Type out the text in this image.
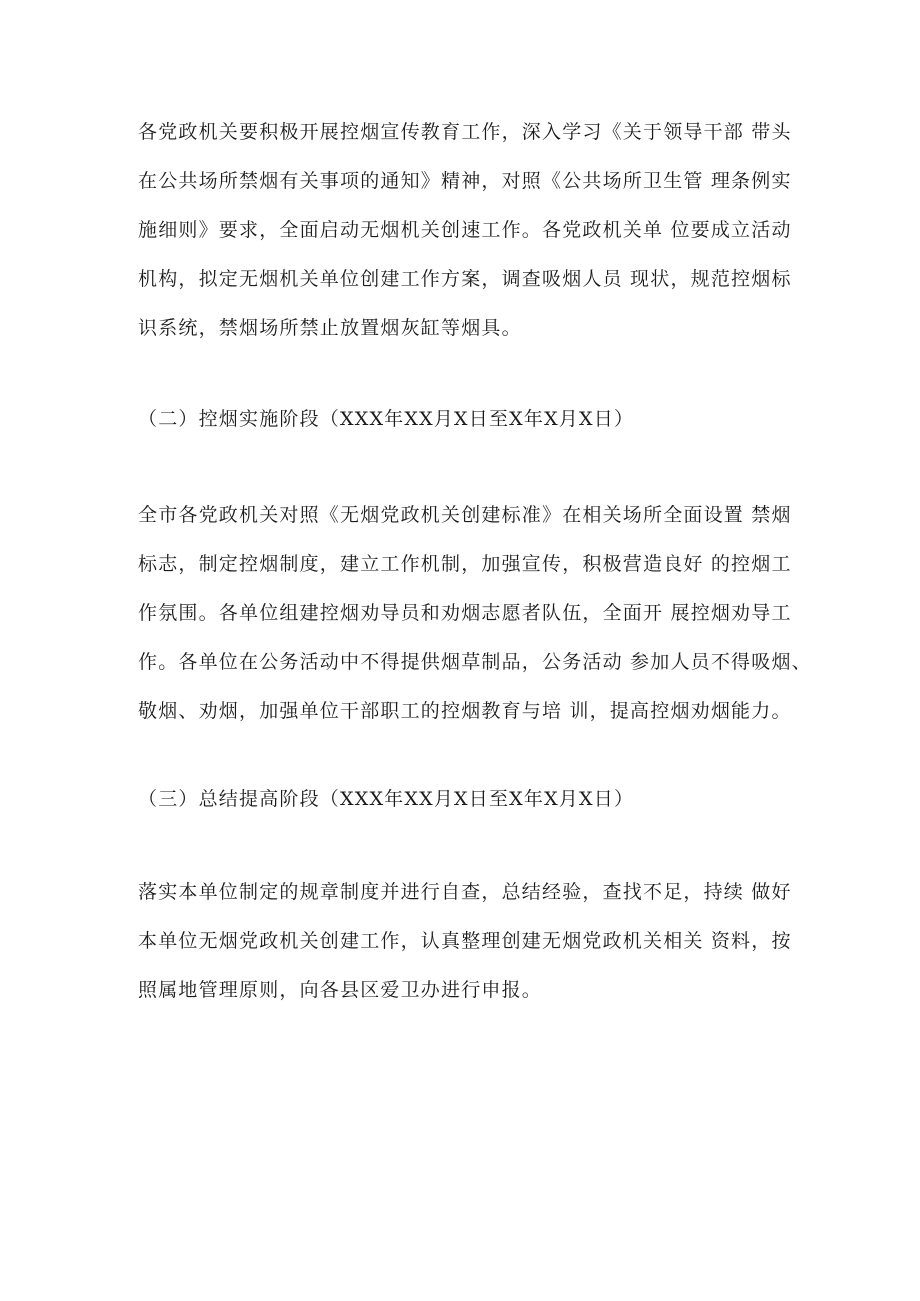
各党政机关要积极开展控烟宣传教育工作，深入学习《关于领导干部 带头
在公共场所禁烟有关事项的通知》精神，对照《公共场所卫生管 理条例实
施细则》要求，全面启动无烟机关创速工作。各党政机关单 位要成立活动
机构，拟定无烟机关单位创建工作方案，调查吸烟人员 现状，规范控烟标
识系统，禁烟场所禁止放置烟灰缸等烟具。
（二）控烟实施阶段（XXX年XX月X日至X年X月X日）
全市各党政机关对照《无烟党政机关创建标准》在相关场所全面设置 禁烟
标志，制定控烟制度，建立工作机制，加强宣传，积极营造良好 的控烟工
作氛围。各单位组建控烟劝导员和劝烟志愿者队伍，全面开 展控烟劝导工
作。各单位在公务活动中不得提供烟草制品，公务活动 参加人员不得吸烟、
敬烟、劝烟，加强单位干部职工的控烟教育与培 训，提高控烟劝烟能力。
（三）总结提高阶段（XXX年XX月X日至X年X月X日）
落实本单位制定的规章制度并进行自查，总结经验，查找不足，持续 做好
本单位无烟党政机关创建工作，认真整理创建无烟党政机关相关 资料，按
照属地管理原则，向各县区爱卫办进行申报。
